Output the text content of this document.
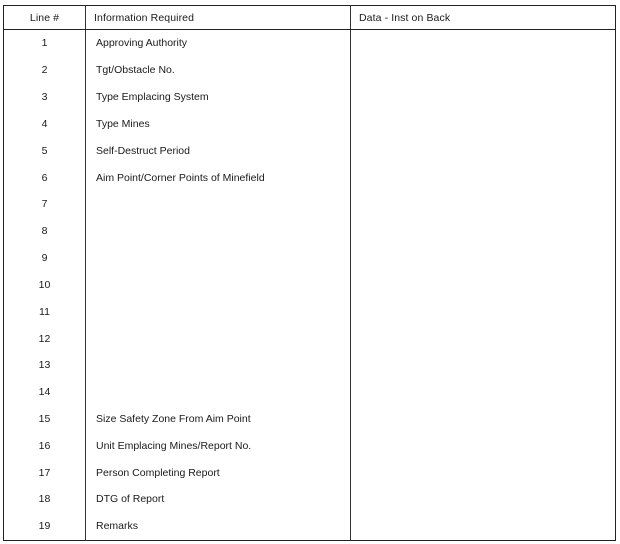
Line #	Information Required	Data - Inst on Back
1	Approving Authority	
2	Tgt/Obstacle No.	
3	Type Emplacing System	
4	Type Mines	
5	Self-Destruct Period	
6	Aim Point/Corner Points of Minefield	
7		
8		
9		
10		
11		
12		
13		
14		
15	Size Safety Zone From Aim Point	
16	Unit Emplacing Mines/Report No.	
17	Person Completing Report	
18	DTG of Report	
19	Remarks	
